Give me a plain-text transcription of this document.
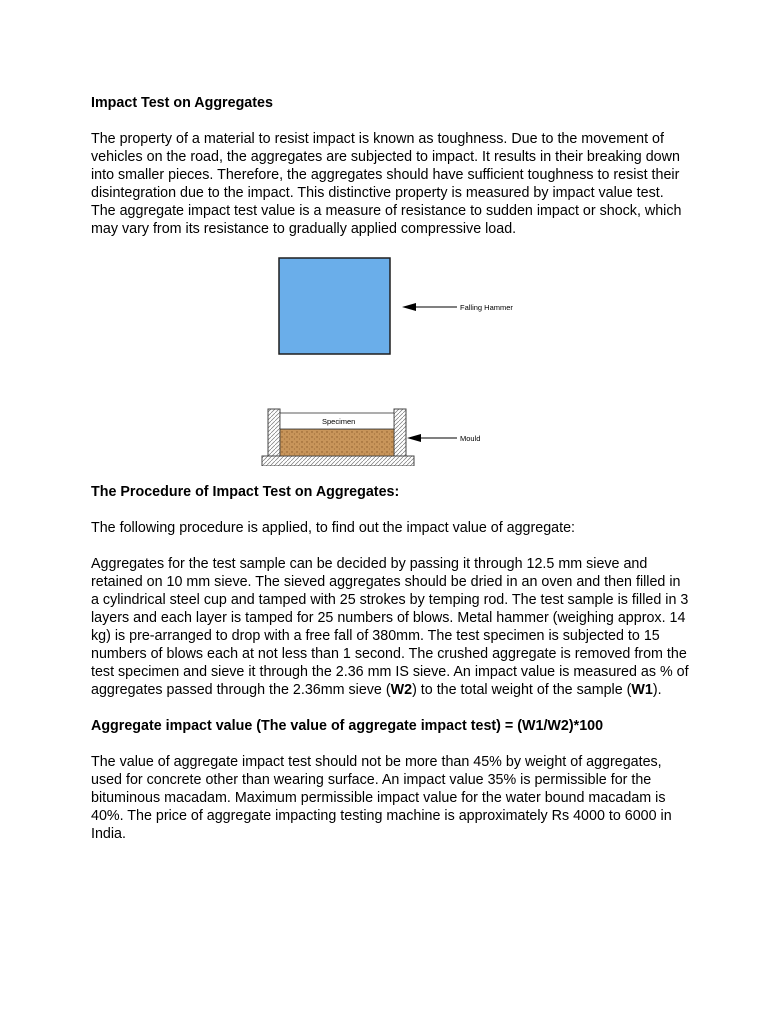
Impact Test on Aggregates

The property of a material to resist impact is known as toughness. Due to the movement of vehicles on the road, the aggregates are subjected to impact. It results in their breaking down into smaller pieces. Therefore, the aggregates should have sufficient toughness to resist their disintegration due to the impact. This distinctive property is measured by impact value test. The aggregate impact test value is a measure of resistance to sudden impact or shock, which may vary from its resistance to gradually applied compressive load.

Falling Hammer
Specimen
Mould

The Procedure of Impact Test on Aggregates:

The following procedure is applied, to find out the impact value of aggregate:

Aggregates for the test sample can be decided by passing it through 12.5 mm sieve and retained on 10 mm sieve. The sieved aggregates should be dried in an oven and then filled in a cylindrical steel cup and tamped with 25 strokes by temping rod. The test sample is filled in 3 layers and each layer is tamped for 25 numbers of blows. Metal hammer (weighing approx. 14 kg) is pre-arranged to drop with a free fall of 380mm. The test specimen is subjected to 15 numbers of blows each at not less than 1 second. The crushed aggregate is removed from the test specimen and sieve it through the 2.36 mm IS sieve. An impact value is measured as % of aggregates passed through the 2.36mm sieve (W2) to the total weight of the sample (W1).

Aggregate impact value (The value of aggregate impact test) = (W1/W2)*100

The value of aggregate impact test should not be more than 45% by weight of aggregates, used for concrete other than wearing surface. An impact value 35% is permissible for the bituminous macadam. Maximum permissible impact value for the water bound macadam is 40%. The price of aggregate impacting testing machine is approximately Rs 4000 to 6000 in India.
